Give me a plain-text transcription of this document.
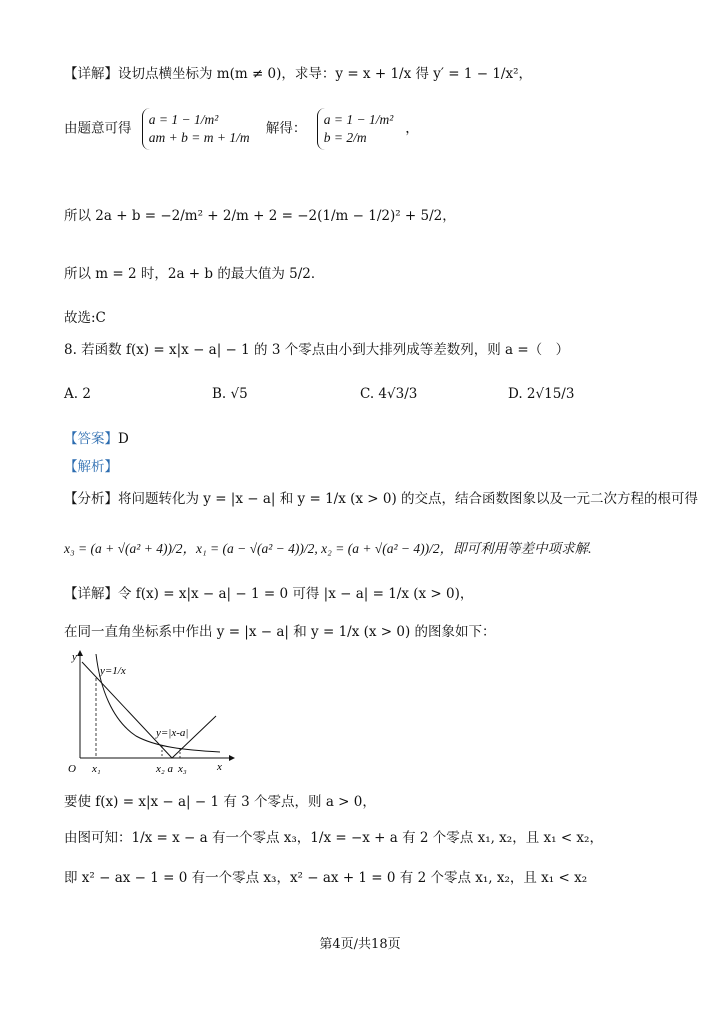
【详解】设切点横坐标为 m(m ≠ 0)，求导：y = x + 1/x 得 y′ = 1 − 1/x²，
由题意可得
a = 1 − 1/m²
am + b = m + 1/m
解得：
a = 1 − 1/m²
b = 2/m
，
所以 2a + b = −2/m² + 2/m + 2 = −2(1/m − 1/2)² + 5/2，
所以 m = 2 时，2a + b 的最大值为 5/2．
故选:C
8. 若函数 f(x) = x|x − a| − 1 的 3 个零点由小到大排列成等差数列，则 a =（　）
A. 2	B. √5	C. 4√3/3	D. 2√15/3
【答案】D
【解析】
【分析】将问题转化为 y = |x − a| 和 y = 1/x (x > 0) 的交点，结合函数图象以及一元二次方程的根可得
x₃ = (a + √(a² + 4))/2，x₁ = (a − √(a² − 4))/2, x₂ = (a + √(a² − 4))/2，即可利用等差中项求解.
【详解】令 f(x) = x|x − a| − 1 = 0 可得 |x − a| = 1/x (x > 0)，
在同一直角坐标系中作出 y = |x − a| 和 y = 1/x (x > 0) 的图象如下：
y
x
O
y=1/x
y=|x-a|
x₁	x₂ a x₃
要使 f(x) = x|x − a| − 1 有 3 个零点，则 a > 0，
由图可知：1/x = x − a 有一个零点 x₃，1/x = −x + a 有 2 个零点 x₁, x₂，且 x₁ < x₂，
即 x² − ax − 1 = 0 有一个零点 x₃，x² − ax + 1 = 0 有 2 个零点 x₁, x₂，且 x₁ < x₂
第4页/共18页
